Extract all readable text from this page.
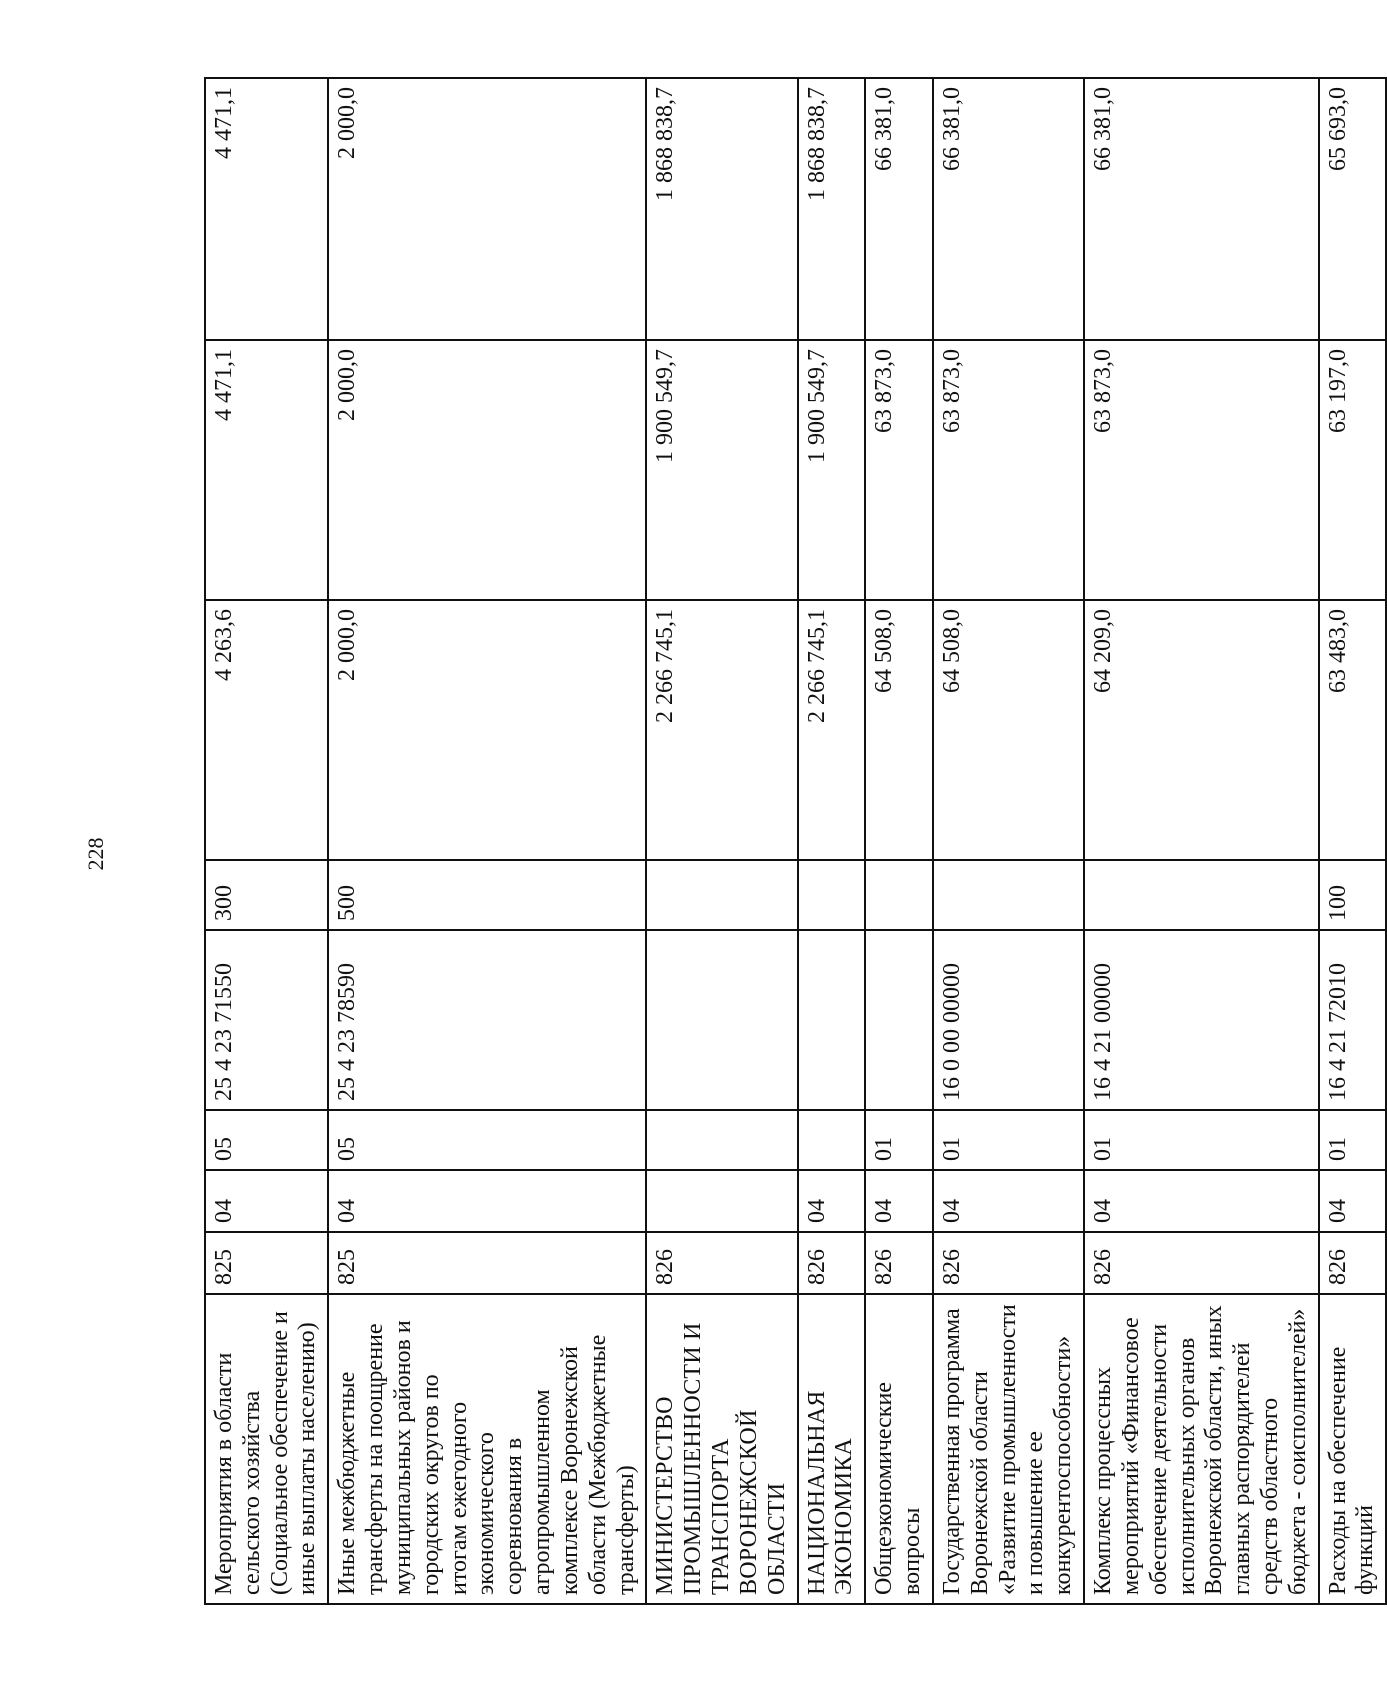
228
Мероприятия в области сельского хозяйства (Социальное обеспечение и иные выплаты населению)	825	04	05	25 4 23 71550	300	4 263,6	4 471,1	4 471,1
Иные межбюджетные трансферты на поощрение муниципальных районов и городских округов по итогам ежегодного экономического соревнования в агропромышленном комплексе Воронежской области (Межбюджетные трансферты)	825	04	05	25 4 23 78590	500	2 000,0	2 000,0	2 000,0
МИНИСТЕРСТВО ПРОМЫШЛЕННОСТИ И ТРАНСПОРТА ВОРОНЕЖСКОЙ ОБЛАСТИ	826					2 266 745,1	1 900 549,7	1 868 838,7
НАЦИОНАЛЬНАЯ ЭКОНОМИКА	826	04				2 266 745,1	1 900 549,7	1 868 838,7
Общеэкономические вопросы	826	04	01			64 508,0	63 873,0	66 381,0
Государственная программа Воронежской области «Развитие промышленности и повышение ее конкурентоспособности»	826	04	01	16 0 00 00000		64 508,0	63 873,0	66 381,0
Комплекс процессных мероприятий «Финансовое обеспечение деятельности исполнительных органов Воронежской области, иных главных распорядителей средств областного бюджета - соисполнителей»	826	04	01	16 4 21 00000		64 209,0	63 873,0	66 381,0
Расходы на обеспечение функций	826	04	01	16 4 21 72010	100	63 483,0	63 197,0	65 693,0
